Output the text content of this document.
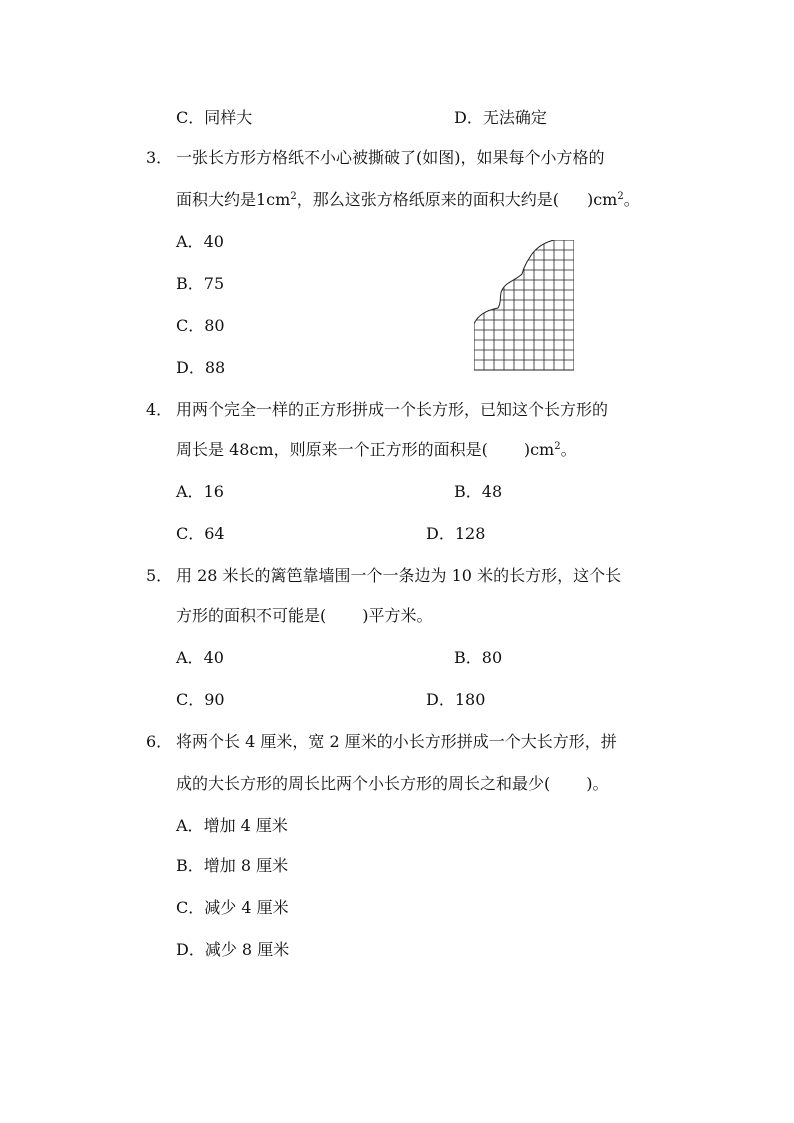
C．同样大	D．无法确定
3． 一张长方形方格纸不小心被撕破了(如图)，如果每个小方格的
面积大约是$1cm^2$，那么这张方格纸原来的面积大约是( )$cm^2$。
A．40
B．75
C．80
D．88
4． 用两个完全一样的正方形拼成一个长方形，已知这个长方形的
周长是 48cm，则原来一个正方形的面积是( )$cm^2$。
A．16	B．48
C．64	D．128
5． 用 28 米长的篱笆靠墙围一个一条边为 10 米的长方形，这个长
方形的面积不可能是( )平方米。
A．40	B．80
C．90	D．180
6． 将两个长 4 厘米，宽 2 厘米的小长方形拼成一个大长方形，拼
成的大长方形的周长比两个小长方形的周长之和最少( )。
A．增加 4 厘米
B．增加 8 厘米
C．减少 4 厘米
D．减少 8 厘米
